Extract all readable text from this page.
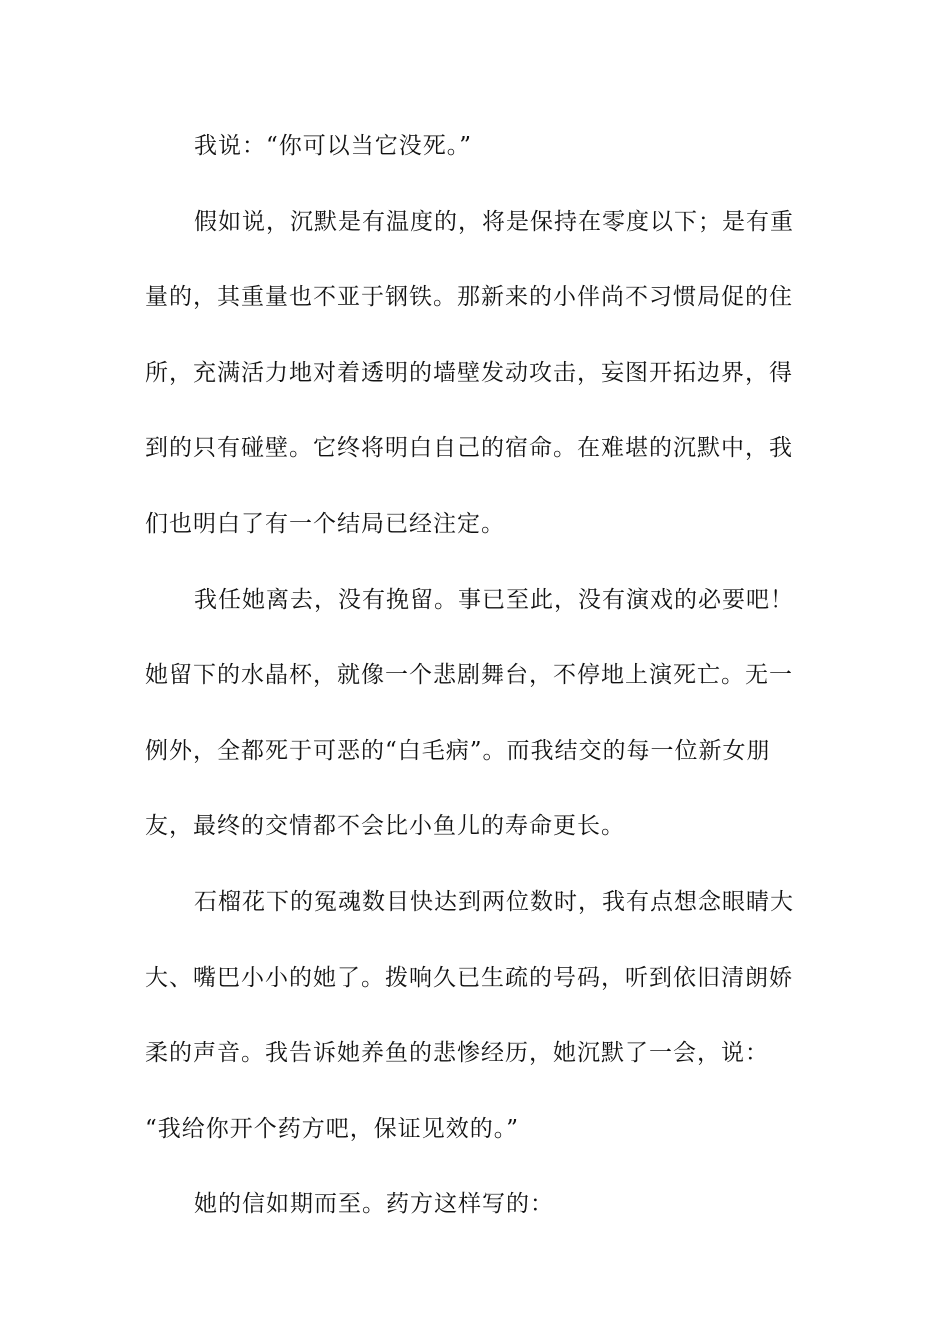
我说：“你可以当它没死。”
假如说，沉默是有温度的，将是保持在零度以下；是有重
量的，其重量也不亚于钢铁。那新来的小伴尚不习惯局促的住
所，充满活力地对着透明的墙壁发动攻击，妄图开拓边界，得
到的只有碰壁。它终将明白自己的宿命。在难堪的沉默中，我
们也明白了有一个结局已经注定。
我任她离去，没有挽留。事已至此，没有演戏的必要吧！
她留下的水晶杯，就像一个悲剧舞台，不停地上演死亡。无一
例外，全都死于可恶的“白毛病”。而我结交的每一位新女朋
友，最终的交情都不会比小鱼儿的寿命更长。
石榴花下的冤魂数目快达到两位数时，我有点想念眼睛大
大、嘴巴小小的她了。拨响久已生疏的号码，听到依旧清朗娇
柔的声音。我告诉她养鱼的悲惨经历，她沉默了一会，说：
“我给你开个药方吧，保证见效的。”
她的信如期而至。药方这样写的：
